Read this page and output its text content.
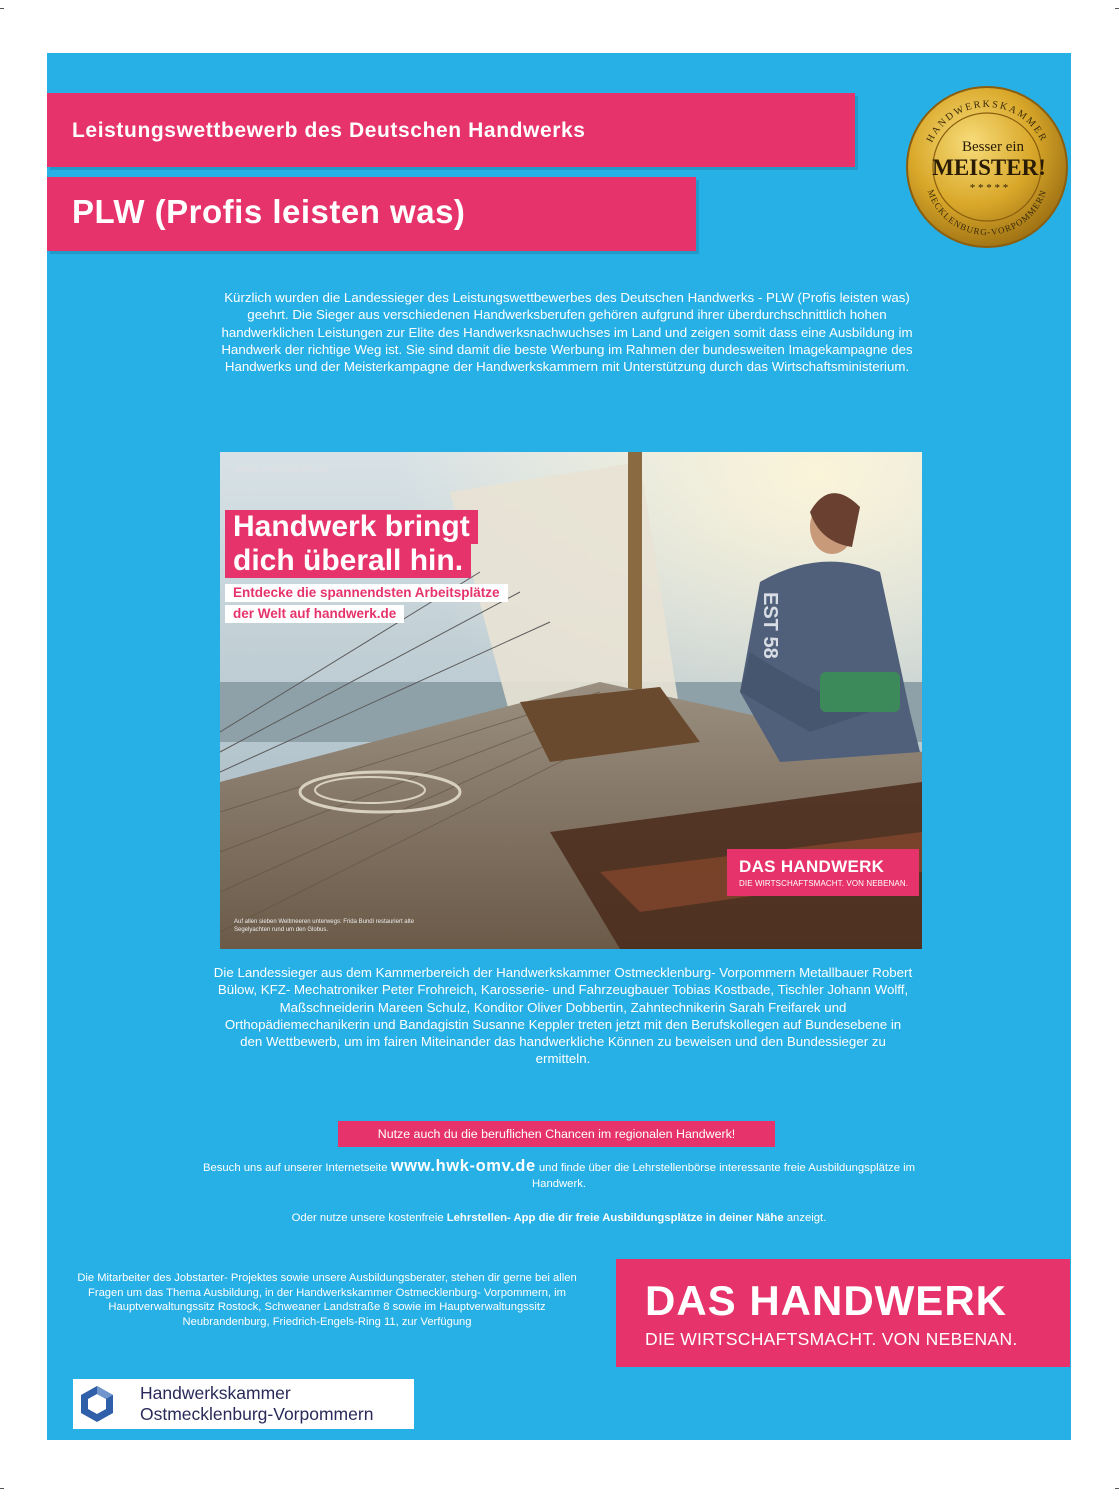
Leistungswettbewerb des Deutschen Handwerks
PLW (Profis leisten was)
HANDWERKSKAMMER
MECKLENBURG-VORPOMMERN
Besser ein
MEISTER!
* * * * *
Kürzlich wurden die Landessieger des Leistungswettbewerbes des Deutschen Handwerks - PLW (Profis leisten was) geehrt. Die Sieger aus verschiedenen Handwerksberufen gehören aufgrund ihrer überdurchschnittlich hohen handwerklichen Leistungen zur Elite des Handwerksnachwuchses im Land und zeigen somit dass eine Ausbildung im Handwerk der richtige Weg ist. Sie sind damit die beste Werbung im Rahmen der bundesweiten Imagekampagne des Handwerks und der Meisterkampagne der Handwerkskammern mit Unterstützung durch das Wirtschaftsministerium.
EST 58
WWW.HANDWERK.DE
Handwerk bringt
dich überall hin.
Entdecke die spannendsten Arbeitsplätze
der Welt auf handwerk.de
Auf allen sieben Weltmeeren unterwegs: Frida Bundi restauriert alte Segelyachten rund um den Globus.
DAS HANDWERK
DIE WIRTSCHAFTSMACHT. VON NEBENAN.
Die Landessieger aus dem Kammerbereich der Handwerkskammer Ostmecklenburg- Vorpommern Metallbauer Robert Bülow, KFZ- Mechatroniker Peter Frohreich, Karosserie- und Fahrzeugbauer Tobias Kostbade, Tischler Johann Wolff, Maßschneiderin Mareen Schulz, Konditor Oliver Dobbertin, Zahntechnikerin Sarah Freifarek und Orthopädiemechanikerin und Bandagistin Susanne Keppler treten jetzt mit den Berufskollegen auf Bundesebene in den Wettbewerb, um im fairen Miteinander das handwerkliche Können zu beweisen und den Bundessieger zu ermitteln.
Nutze auch du die beruflichen Chancen im regionalen Handwerk!
Besuch uns auf unserer Internetseite www.hwk-omv.de und finde über die Lehrstellenbörse interessante freie Ausbildungsplätze im Handwerk.
Oder nutze unsere kostenfreie Lehrstellen- App die dir freie Ausbildungsplätze in deiner Nähe anzeigt.
Die Mitarbeiter des Jobstarter- Projektes sowie unsere Ausbildungsberater, stehen dir gerne bei allen Fragen um das Thema Ausbildung, in der Handwerkskammer Ostmecklenburg- Vorpommern, im Hauptverwaltungssitz Rostock, Schweaner Landstraße 8 sowie im Hauptverwaltungssitz Neubrandenburg, Friedrich-Engels-Ring 11, zur Verfügung	DAS HANDWERK
DIE WIRTSCHAFTSMACHT. VON NEBENAN.
Handwerkskammer
Ostmecklenburg-Vorpommern
